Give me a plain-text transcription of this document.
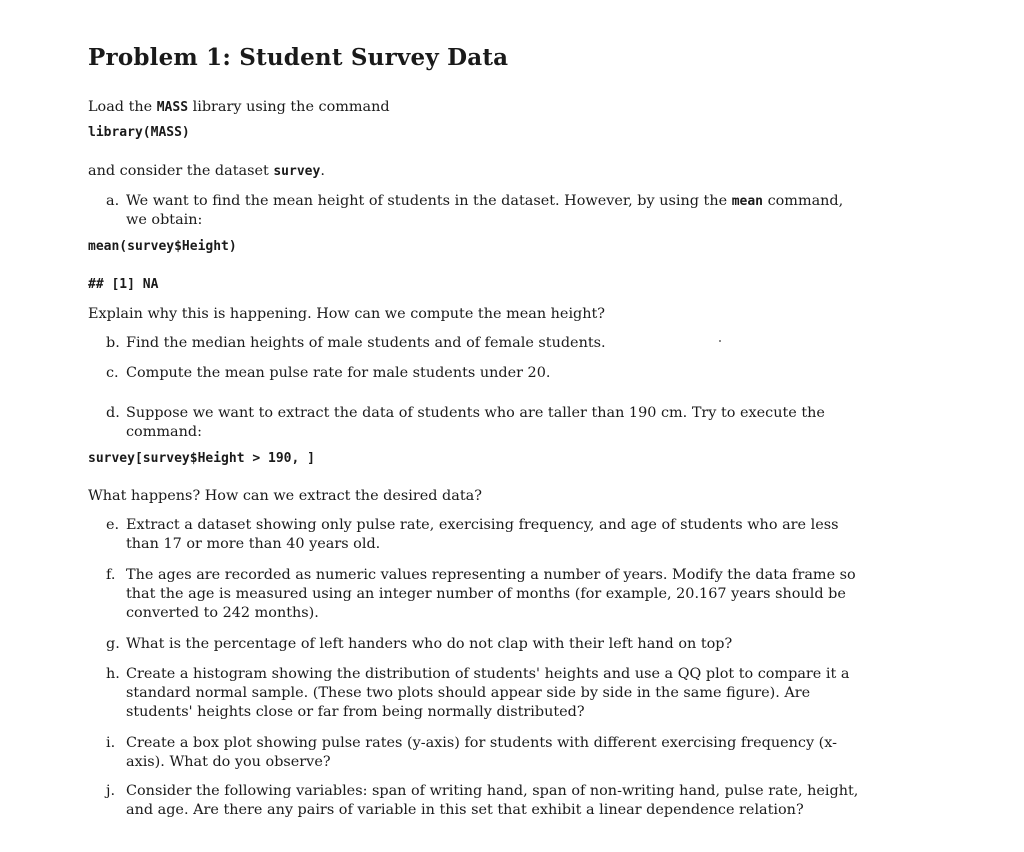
Problem 1: Student Survey Data
Load the MASS library using the command
library(MASS)
and consider the dataset survey.
a. We want to find the mean height of students in the dataset. However, by using the mean command, we obtain:
mean(survey$Height)
## [1] NA
Explain why this is happening. How can we compute the mean height?
b. Find the median heights of male students and of female students.
c. Compute the mean pulse rate for male students under 20.
d. Suppose we want to extract the data of students who are taller than 190 cm. Try to execute the command:
survey[survey$Height > 190, ]
What happens? How can we extract the desired data?
e. Extract a dataset showing only pulse rate, exercising frequency, and age of students who are less than 17 or more than 40 years old.
f. The ages are recorded as numeric values representing a number of years. Modify the data frame so that the age is measured using an integer number of months (for example, 20.167 years should be converted to 242 months).
g. What is the percentage of left handers who do not clap with their left hand on top?
h. Create a histogram showing the distribution of students' heights and use a QQ plot to compare it a standard normal sample. (These two plots should appear side by side in the same figure). Are students' heights close or far from being normally distributed?
i. Create a box plot showing pulse rates (y-axis) for students with different exercising frequency (x-axis). What do you observe?
j. Consider the following variables: span of writing hand, span of non-writing hand, pulse rate, height, and age. Are there any pairs of variable in this set that exhibit a linear dependence relation?
